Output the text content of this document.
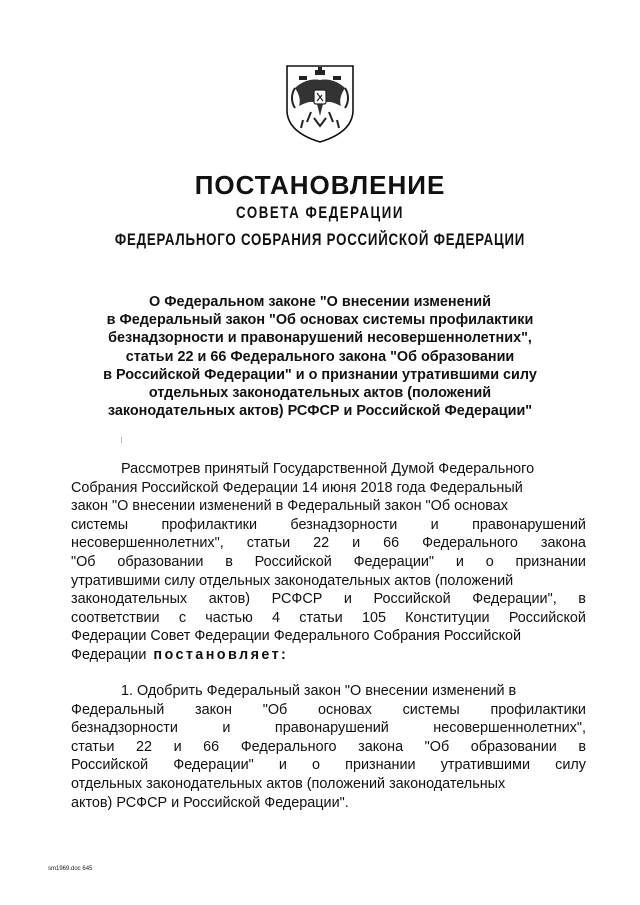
ПОСТАНОВЛЕНИЕ
СОВЕТА ФЕДЕРАЦИИ
ФЕДЕРАЛЬНОГО СОБРАНИЯ РОССИЙСКОЙ ФЕДЕРАЦИИ
О Федеральном законе "О внесении изменений
в Федеральный закон "Об основах системы профилактики
безнадзорности и правонарушений несовершеннолетних",
статьи 22 и 66 Федерального закона "Об образовании
в Российской Федерации" и о признании утратившими силу
отдельных законодательных актов (положений
законодательных актов) РСФСР и Российской Федерации"
Рассмотрев принятый Государственной Думой Федерального
Собрания Российской Федерации 14 июня 2018 года Федеральный
закон "О внесении изменений в Федеральный закон "Об основах
системы профилактики безнадзорности и правонарушений
несовершеннолетних", статьи 22 и 66 Федерального закона
"Об образовании в Российской Федерации" и о признании
утратившими силу отдельных законодательных актов (положений
законодательных актов) РСФСР и Российской Федерации", в
соответствии с частью 4 статьи 105 Конституции Российской
Федерации Совет Федерации Федерального Собрания Российской
Федерации постановляет:
1. Одобрить Федеральный закон "О внесении изменений в
Федеральный закон "Об основах системы профилактики
безнадзорности	и	правонарушений	несовершеннолетних",
статьи 22 и 66 Федерального закона "Об образовании в
Российской Федерации" и о признании утратившими силу
отдельных законодательных актов (положений законодательных
актов) РСФСР и Российской Федерации".
sm1969.doc 645
